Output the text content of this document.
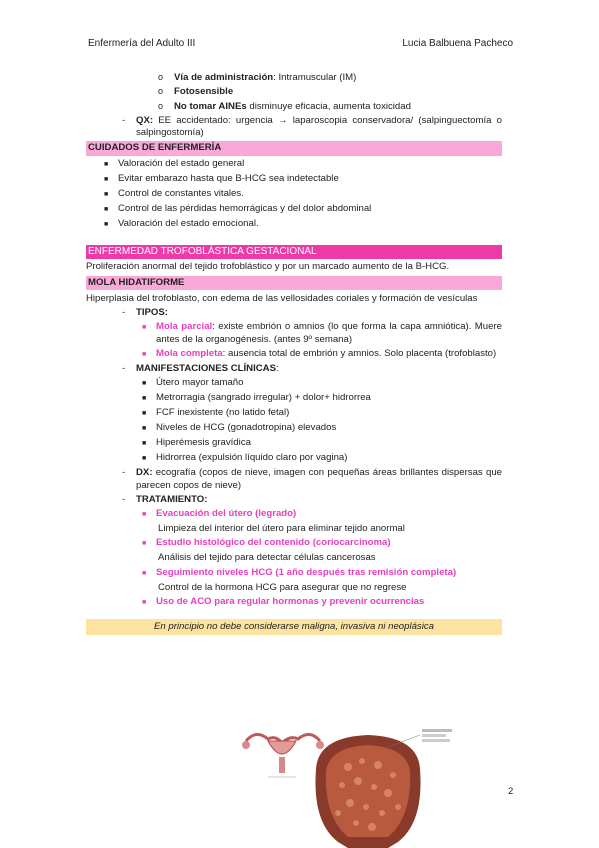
Enfermería del Adulto III	Lucia Balbuena Pacheco
o	Vía de administración: Intramuscular (IM)
o	Fotosensible
o	No tomar AINEs disminuye eficacia, aumenta toxicidad
-	QX: EE accidentado: urgencia → laparoscopia conservadora/ (salpinguectomía o salpingostomía)
CUIDADOS DE ENFERMERÍA
■	Valoración del estado general
■	Evitar embarazo hasta que B-HCG sea indetectable
■	Control de constantes vitales.
■	Control de las pérdidas hemorrágicas y del dolor abdominal
■	Valoración del estado emocional.
ENFERMEDAD TROFOBLÁSTICA GESTACIONAL
Proliferación anormal del tejido trofoblástico y por un marcado aumento de la B-HCG.
MOLA HIDATIFORME
Hiperplasia del trofoblasto, con edema de las vellosidades coriales y formación de vesículas
-	TIPOS:
■	Mola parcial: existe embrión o amnios (lo que forma la capa amniótica). Muere antes de la organogénesis. (antes 9º semana)
■	Mola completa: ausencia total de embrión y amnios. Solo placenta (trofoblasto)
-	MANIFESTACIONES CLÍNICAS:
■	Útero mayor tamaño
■	Metrorragia (sangrado irregular) + dolor+ hidrorrea
■	FCF inexistente (no latido fetal)
■	Niveles de HCG (gonadotropina) elevados
■	Hiperémesis gravídica
■	Hidrorrea (expulsión líquido claro por vagina)
-	DX: ecografía (copos de nieve, imagen con pequeñas áreas brillantes dispersas que parecen copos de nieve)
-	TRATAMIENTO:
■	Evacuación del útero (legrado)
Limpieza del interior del útero para eliminar tejido anormal
■	Estudio histológico del contenido (coriocarcinoma)
Análisis del tejido para detectar células cancerosas
■	Seguimiento niveles HCG (1 año después tras remisión completa)
Control de la hormona HCG para asegurar que no regrese
■	Uso de ACO para regular hormonas y prevenir ocurrencias
En principio no debe considerarse maligna, invasiva ni neoplásica
2
